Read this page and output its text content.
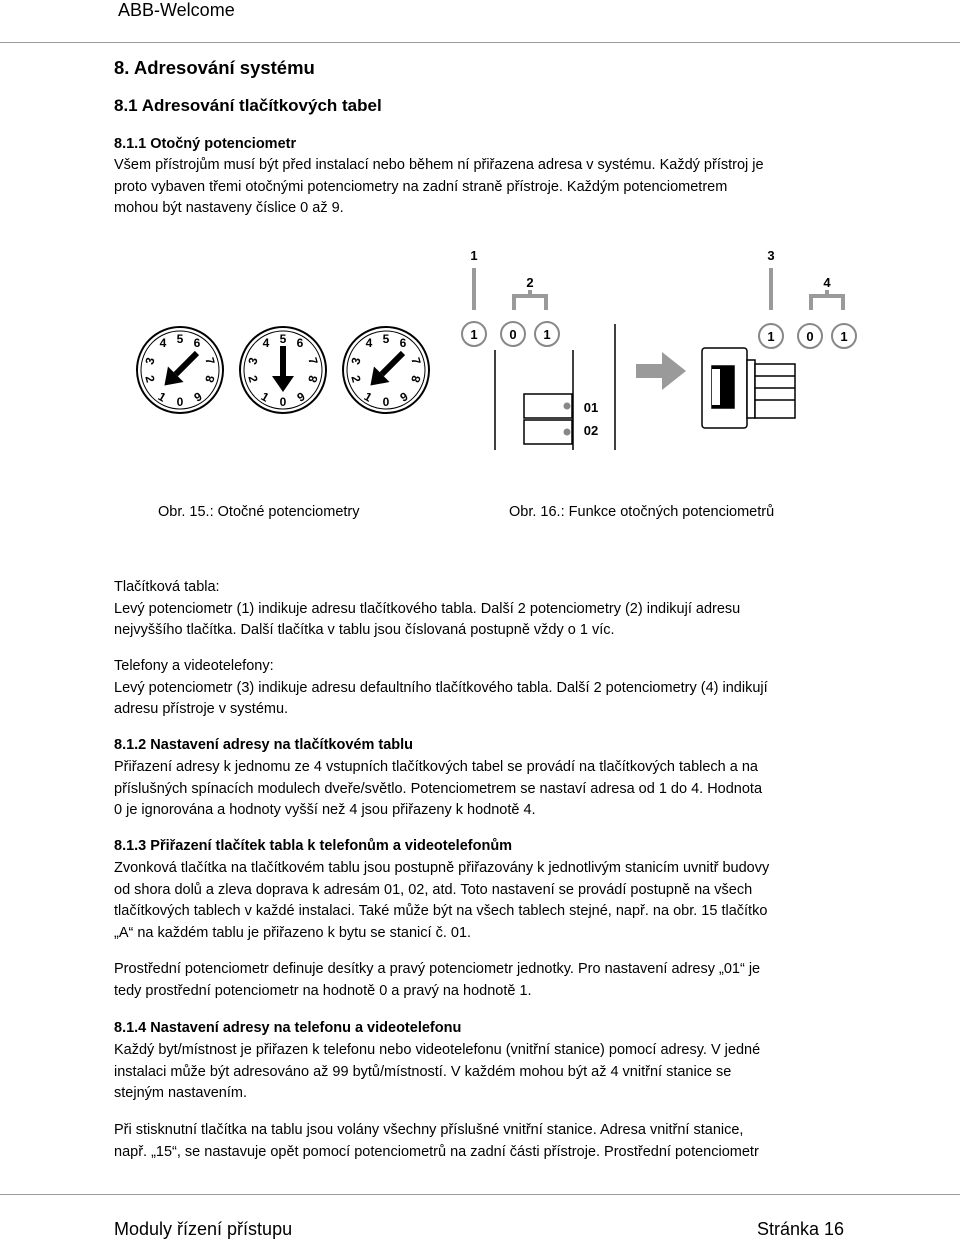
ABB-Welcome
8. Adresování systému
8.1 Adresování tlačítkových tabel
8.1.1 Otočný potenciometr
Všem přístrojům musí být před instalací nebo během ní přiřazena adresa v systému. Každý přístroj je
proto vybaven třemi otočnými potenciometry na zadní straně přístroje. Každým potenciometrem
mohou být nastaveny číslice 0 až 9.
0
1
2
3
4 5 6
7
8
9	0
1
2
3
4 5 6
7
8
9	0
1
2
3
4 5 6
7
8
9
1
2
3
4
1 0 1	1 0 1
01
02
Obr. 15.: Otočné potenciometry	Obr. 16.: Funkce otočných potenciometrů
Tlačítková tabla:
Levý potenciometr (1) indikuje adresu tlačítkového tabla. Další 2 potenciometry (2) indikují adresu
nejvyššího tlačítka. Další tlačítka v tablu jsou číslovaná postupně vždy o 1 víc.
Telefony a videotelefony:
Levý potenciometr (3) indikuje adresu defaultního tlačítkového tabla. Další 2 potenciometry (4) indikují
adresu přístroje v systému.
8.1.2 Nastavení adresy na tlačítkovém tablu
Přiřazení adresy k jednomu ze 4 vstupních tlačítkových tabel se provádí na tlačítkových tablech a na
příslušných spínacích modulech dveře/světlo. Potenciometrem se nastaví adresa od 1 do 4. Hodnota
0 je ignorována a hodnoty vyšší než 4 jsou přiřazeny k hodnotě 4.
8.1.3 Přiřazení tlačítek tabla k telefonům a videotelefonům
Zvonková tlačítka na tlačítkovém tablu jsou postupně přiřazovány k jednotlivým stanicím uvnitř budovy
od shora dolů a zleva doprava k adresám 01, 02, atd. Toto nastavení se provádí postupně na všech
tlačítkových tablech v každé instalaci. Také může být na všech tablech stejné, např. na obr. 15 tlačítko
„A“ na každém tablu je přiřazeno k bytu se stanicí č. 01.
Prostřední potenciometr definuje desítky a pravý potenciometr jednotky. Pro nastavení adresy „01“ je
tedy prostřední potenciometr na hodnotě 0 a pravý na hodnotě 1.
8.1.4 Nastavení adresy na telefonu a videotelefonu
Každý byt/místnost je přiřazen k telefonu nebo videotelefonu (vnitřní stanice) pomocí adresy. V jedné
instalaci může být adresováno až 99 bytů/místností. V každém mohou být až 4 vnitřní stanice se
stejným nastavením.
Při stisknutní tlačítka na tablu jsou volány všechny příslušné vnitřní stanice. Adresa vnitřní stanice,
např. „15“, se nastavuje opět pomocí potenciometrů na zadní části přístroje. Prostřední potenciometr
Moduly řízení přístupu	Stránka 16
